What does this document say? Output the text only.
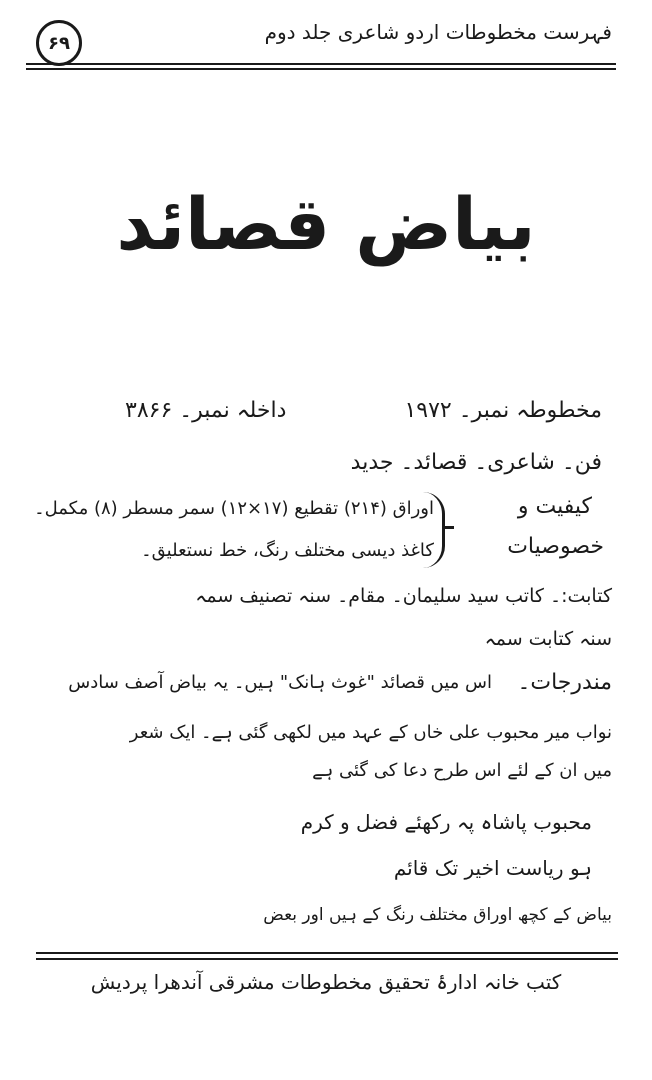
۶۹	فہرست مخطوطات اردو شاعری جلد دوم
بیاض قصائد
مخطوطہ نمبر۔ ۱۹۷۲
داخلہ نمبر۔ ۳۸۶۶
فن۔ شاعری۔ قصائد۔ جدید
کیفیت و
خصوصیات
اوراق (۲۱۴) تقطیع (۱۷×۱۲) سمر مسطر (۸) مکمل۔
کاغذ دیسی مختلف رنگ، خط نستعلیق۔
کتابت:۔ کاتب سید سلیمان۔ مقام۔ سنہ تصنیف سمہ
سنہ کتابت سمہ
مندرجات۔
اس میں قصائد "غوث ہانک" ہیں۔ یہ بیاض آصف سادس
نواب میر محبوب علی خاں کے عہد میں لکھی گئی ہے۔ ایک شعر
میں ان کے لئے اس طرح دعا کی گئی ہے
محبوب پاشاہ پہ رکھئے فضل و کرم
ہو ریاست اخیر تک قائم
بیاض کے کچھ اوراق مختلف رنگ کے ہیں اور بعض
کتب خانہ ادارۂ تحقیق مخطوطات مشرقی آندھرا پردیش
